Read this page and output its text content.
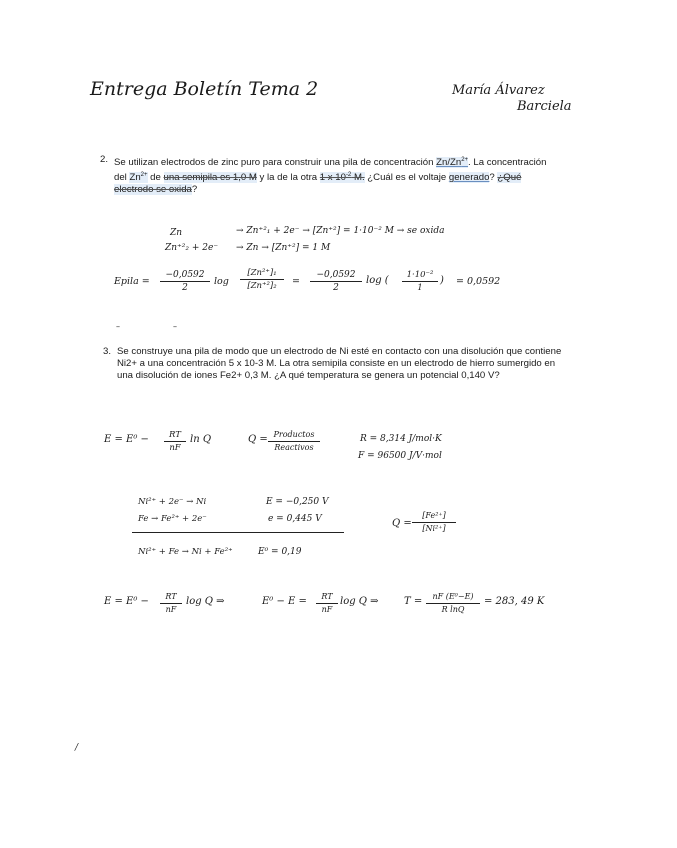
Entrega Boletín Tema 2	María Álvarez
Barciela
2. Se utilizan electrodos de zinc puro para construir una pila de concentración $Zn/Zn^{2+}$. La concentración del $Zn^{2+}$ de una semipila es 1,0 M y la de la otra 1 x $10^{-2}$ M. ¿Cuál es el voltaje generado? ¿Qué electrodo se oxida?
Zn	→ Zn⁺²₁ + 2e⁻ → [Zn⁺²] = 1·10⁻² M → se oxida
Zn⁺²₂ + 2e⁻ → Zn → [Zn⁺²] = 1 M
Epila =
−0,0592
2
log
[Zn²⁺]₁
[Zn⁺²]₂	=
−0,0592
2
log (	1·10⁻²
1
) = 0,0592
–	–
3. Se construye una pila de modo que un electrodo de Ni esté en contacto con una disolución que contiene Ni2+ a una concentración 5 x 10-3 M. La otra semipila consiste en un electrodo de hierro sumergido en una disolución de iones Fe2+ 0,3 M. ¿A qué temperatura se genera un potencial 0,140 V?
E = E⁰ −	RT
nF
ln Q	Q = Productos
Reactivos
R = 8,314 J/mol·K
F = 96500 J/V·mol
Ni²⁺ + 2e⁻ → Ni	E = −0,250 V
Fe → Fe²⁺ + 2e⁻	e = 0,445 V
Ni²⁺ + Fe → Ni + Fe²⁺	E⁰ = 0,19
Q =
[Fe²⁺]
[Ni²⁺]
E = E⁰ −	RT
nF
log Q ⇒	E⁰ − E =	RT
nF
log Q ⇒	T =	nF (E⁰−E)
R lnQ
= 283, 49 K
/
